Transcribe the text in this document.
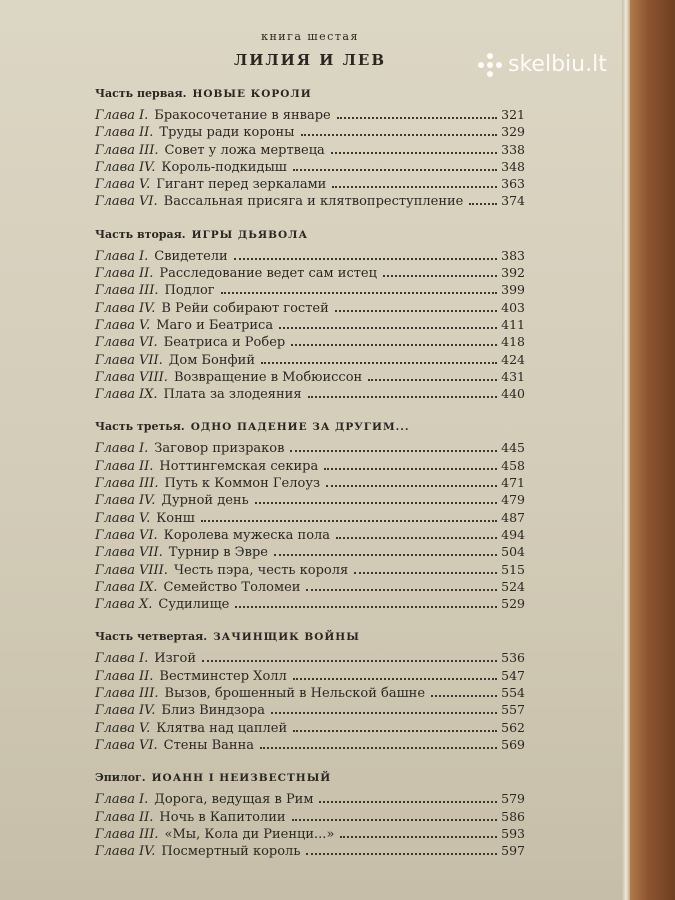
книга шестая
ЛИЛИЯ И ЛЕВ
Часть первая. НОВЫЕ КОРОЛИ
Глава I. Бракосочетание в январе	321
Глава II. Труды ради короны	329
Глава III. Совет у ложа мертвеца	338
Глава IV. Король-подкидыш	348
Глава V. Гигант перед зеркалами	363
Глава VI. Вассальная присяга и клятвопреступление	374
Часть вторая. ИГРЫ ДЬЯВОЛА
Глава I. Свидетели	383
Глава II. Расследование ведет сам истец	392
Глава III. Подлог	399
Глава IV. В Рейи собирают гостей	403
Глава V. Маго и Беатриса	411
Глава VI. Беатриса и Робер	418
Глава VII. Дом Бонфий	424
Глава VIII. Возвращение в Мобюиссон	431
Глава IX. Плата за злодеяния	440
Часть третья. ОДНО ПАДЕНИЕ ЗА ДРУГИМ...
Глава I. Заговор призраков	445
Глава II. Ноттингемская секира	458
Глава III. Путь к Коммон Гелоуз	471
Глава IV. Дурной день	479
Глава V. Конш	487
Глава VI. Королева мужеска пола	494
Глава VII. Турнир в Эвре	504
Глава VIII. Честь пэра, честь короля	515
Глава IX. Семейство Толомеи	524
Глава X. Судилище	529
Часть четвертая. ЗАЧИНЩИК ВОЙНЫ
Глава I. Изгой	536
Глава II. Вестминстер Холл	547
Глава III. Вызов, брошенный в Нельской башне	554
Глава IV. Близ Виндзора	557
Глава V. Клятва над цаплей	562
Глава VI. Стены Ванна	569
Эпилог. ИОАНН I НЕИЗВЕСТНЫЙ
Глава I. Дорога, ведущая в Рим	579
Глава II. Ночь в Капитолии	586
Глава III. «Мы, Кола ди Риенци...»	593
Глава IV. Посмертный король	597
skelbiu.lt
